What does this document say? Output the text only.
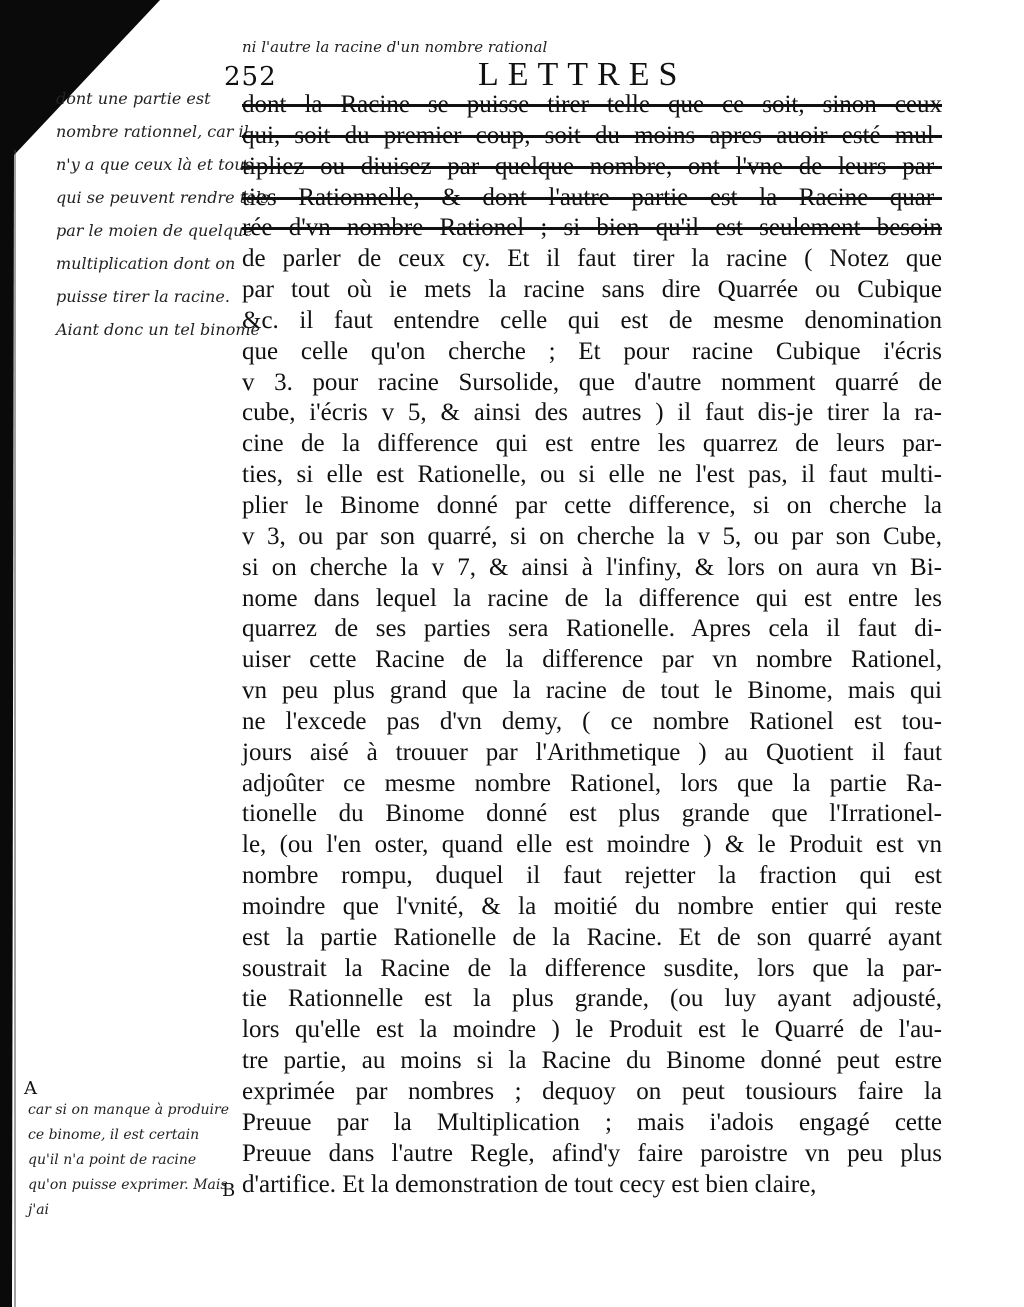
ni l'autre la racine d'un nombre rational
252	LETTRES
dont une partie est nombre rationnel, car il n'y a que ceux là et tous qui se peuvent rendre tels par le moien de quelque multiplication dont on puisse tirer la racine. Aiant donc un tel binome
dont la Racine se puisse tirer telle que ce soit, sinon ceux
qui, soit du premier coup, soit du moins apres auoir esté mul-
tipliez ou diuisez par quelque nombre, ont l'vne de leurs par-
ties Rationnelle, & dont l'autre partie est la Racine quar-
rée d'vn nombre Rationel ; si bien qu'il est seulement besoin
de parler de ceux cy. Et il faut tirer la racine ( Notez que
par tout où ie mets la racine sans dire Quarrée ou Cubique
&c. il faut entendre celle qui est de mesme denomination
que celle qu'on cherche ; Et pour racine Cubique i'écris
v 3. pour racine Sursolide, que d'autre nomment quarré de
cube, i'écris v 5, & ainsi des autres ) il faut dis-je tirer la ra-
cine de la difference qui est entre les quarrez de leurs par-
ties, si elle est Rationelle, ou si elle ne l'est pas, il faut multi-
plier le Binome donné par cette difference, si on cherche la
v 3, ou par son quarré, si on cherche la v 5, ou par son Cube,
si on cherche la v 7, & ainsi à l'infiny, & lors on aura vn Bi-
nome dans lequel la racine de la difference qui est entre les
quarrez de ses parties sera Rationelle. Apres cela il faut di-
uiser cette Racine de la difference par vn nombre Rationel,
vn peu plus grand que la racine de tout le Binome, mais qui
ne l'excede pas d'vn demy, ( ce nombre Rationel est tou-
jours aisé à trouuer par l'Arithmetique ) au Quotient il faut
adjoûter ce mesme nombre Rationel, lors que la partie Ra-
tionelle du Binome donné est plus grande que l'Irrationel-
le, (ou l'en oster, quand elle est moindre ) & le Produit est vn
nombre rompu, duquel il faut rejetter la fraction qui est
moindre que l'vnité, & la moitié du nombre entier qui reste
est la partie Rationelle de la Racine. Et de son quarré ayant
soustrait la Racine de la difference susdite, lors que la par-
tie Rationnelle est la plus grande, (ou luy ayant adjousté,
lors qu'elle est la moindre ) le Produit est le Quarré de l'au-
tre partie, au moins si la Racine du Binome donné peut estre
exprimée par nombres ; dequoy on peut tousiours faire la
Preuue par la Multiplication ; mais i'adois engagé cette
Preuue dans l'autre Regle, afind'y faire paroistre vn peu plus
d'artifice. Et la demonstration de tout cecy est bien claire,
A
car si on manque à produire ce binome, il est certain qu'il n'a point de racine qu'on puisse exprimer. Mais j'ai
B
